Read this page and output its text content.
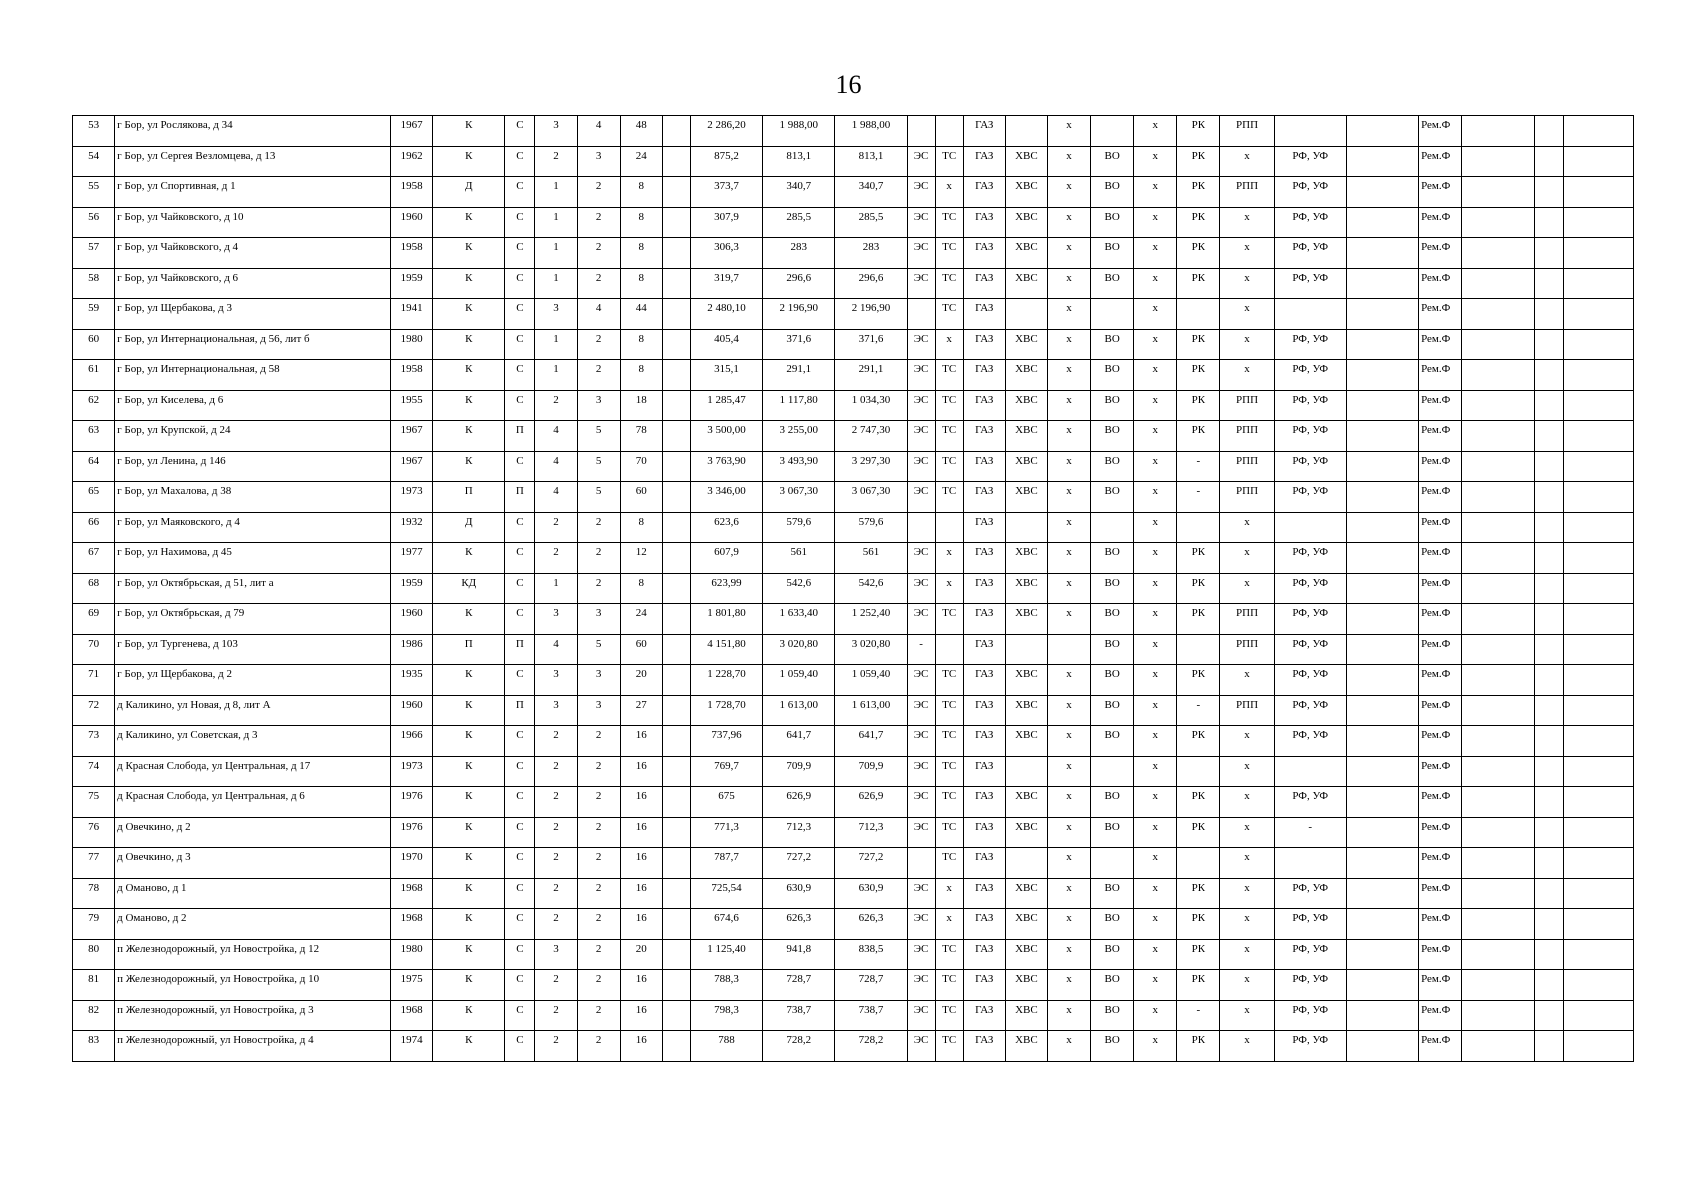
16
53	г Бор, ул Рослякова, д 34	1967	К	С	3	4	48		2 286,20	1 988,00	1 988,00			ГАЗ		х		х	РК	РПП			Рем.Ф			
54	г Бор, ул Сергея Везломцева, д 13	1962	К	С	2	3	24		875,2	813,1	813,1	ЭС	ТС	ГАЗ	ХВС	х	ВО	х	РК	х	РФ, УФ		Рем.Ф			
55	г Бор, ул Спортивная, д 1	1958	Д	С	1	2	8		373,7	340,7	340,7	ЭС	х	ГАЗ	ХВС	х	ВО	х	РК	РПП	РФ, УФ		Рем.Ф			
56	г Бор, ул Чайковского, д 10	1960	К	С	1	2	8		307,9	285,5	285,5	ЭС	ТС	ГАЗ	ХВС	х	ВО	х	РК	х	РФ, УФ		Рем.Ф			
57	г Бор, ул Чайковского, д 4	1958	К	С	1	2	8		306,3	283	283	ЭС	ТС	ГАЗ	ХВС	х	ВО	х	РК	х	РФ, УФ		Рем.Ф			
58	г Бор, ул Чайковского, д 6	1959	К	С	1	2	8		319,7	296,6	296,6	ЭС	ТС	ГАЗ	ХВС	х	ВО	х	РК	х	РФ, УФ		Рем.Ф			
59	г Бор, ул Щербакова, д 3	1941	К	С	3	4	44		2 480,10	2 196,90	2 196,90		ТС	ГАЗ		х		х		х			Рем.Ф			
60	г Бор, ул Интернациональная, д 56, лит б	1980	К	С	1	2	8		405,4	371,6	371,6	ЭС	х	ГАЗ	ХВС	х	ВО	х	РК	х	РФ, УФ		Рем.Ф			
61	г Бор, ул Интернациональная, д 58	1958	К	С	1	2	8		315,1	291,1	291,1	ЭС	ТС	ГАЗ	ХВС	х	ВО	х	РК	х	РФ, УФ		Рем.Ф			
62	г Бор, ул Киселева, д 6	1955	К	С	2	3	18		1 285,47	1 117,80	1 034,30	ЭС	ТС	ГАЗ	ХВС	х	ВО	х	РК	РПП	РФ, УФ		Рем.Ф			
63	г Бор, ул Крупской, д 24	1967	К	П	4	5	78		3 500,00	3 255,00	2 747,30	ЭС	ТС	ГАЗ	ХВС	х	ВО	х	РК	РПП	РФ, УФ		Рем.Ф			
64	г Бор, ул Ленина, д 146	1967	К	С	4	5	70		3 763,90	3 493,90	3 297,30	ЭС	ТС	ГАЗ	ХВС	х	ВО	х	-	РПП	РФ, УФ		Рем.Ф			
65	г Бор, ул Махалова, д 38	1973	П	П	4	5	60		3 346,00	3 067,30	3 067,30	ЭС	ТС	ГАЗ	ХВС	х	ВО	х	-	РПП	РФ, УФ		Рем.Ф			
66	г Бор, ул Маяковского, д 4	1932	Д	С	2	2	8		623,6	579,6	579,6			ГАЗ		х		х		х			Рем.Ф			
67	г Бор, ул Нахимова, д 45	1977	К	С	2	2	12		607,9	561	561	ЭС	х	ГАЗ	ХВС	х	ВО	х	РК	х	РФ, УФ		Рем.Ф			
68	г Бор, ул Октябрьская, д 51, лит а	1959	КД	С	1	2	8		623,99	542,6	542,6	ЭС	х	ГАЗ	ХВС	х	ВО	х	РК	х	РФ, УФ		Рем.Ф			
69	г Бор, ул Октябрьская, д 79	1960	К	С	3	3	24		1 801,80	1 633,40	1 252,40	ЭС	ТС	ГАЗ	ХВС	х	ВО	х	РК	РПП	РФ, УФ		Рем.Ф			
70	г Бор, ул Тургенева, д 103	1986	П	П	4	5	60		4 151,80	3 020,80	3 020,80	-		ГАЗ			ВО	х		РПП	РФ, УФ		Рем.Ф			
71	г Бор, ул Щербакова, д 2	1935	К	С	3	3	20		1 228,70	1 059,40	1 059,40	ЭС	ТС	ГАЗ	ХВС	х	ВО	х	РК	х	РФ, УФ		Рем.Ф			
72	д Каликино, ул Новая, д 8, лит А	1960	К	П	3	3	27		1 728,70	1 613,00	1 613,00	ЭС	ТС	ГАЗ	ХВС	х	ВО	х	-	РПП	РФ, УФ		Рем.Ф			
73	д Каликино, ул Советская, д 3	1966	К	С	2	2	16		737,96	641,7	641,7	ЭС	ТС	ГАЗ	ХВС	х	ВО	х	РК	х	РФ, УФ		Рем.Ф			
74	д Красная Слобода, ул Центральная, д 17	1973	К	С	2	2	16		769,7	709,9	709,9	ЭС	ТС	ГАЗ		х		х		х			Рем.Ф			
75	д Красная Слобода, ул Центральная, д 6	1976	К	С	2	2	16		675	626,9	626,9	ЭС	ТС	ГАЗ	ХВС	х	ВО	х	РК	х	РФ, УФ		Рем.Ф			
76	д Овечкино, д 2	1976	К	С	2	2	16		771,3	712,3	712,3	ЭС	ТС	ГАЗ	ХВС	х	ВО	х	РК	х	-		Рем.Ф			
77	д Овечкино, д 3	1970	К	С	2	2	16		787,7	727,2	727,2		ТС	ГАЗ		х		х		х			Рем.Ф			
78	д Оманово, д 1	1968	К	С	2	2	16		725,54	630,9	630,9	ЭС	х	ГАЗ	ХВС	х	ВО	х	РК	х	РФ, УФ		Рем.Ф			
79	д Оманово, д 2	1968	К	С	2	2	16		674,6	626,3	626,3	ЭС	х	ГАЗ	ХВС	х	ВО	х	РК	х	РФ, УФ		Рем.Ф			
80	п Железнодорожный, ул Новостройка, д 12	1980	К	С	3	2	20		1 125,40	941,8	838,5	ЭС	ТС	ГАЗ	ХВС	х	ВО	х	РК	х	РФ, УФ		Рем.Ф			
81	п Железнодорожный, ул Новостройка, д 10	1975	К	С	2	2	16		788,3	728,7	728,7	ЭС	ТС	ГАЗ	ХВС	х	ВО	х	РК	х	РФ, УФ		Рем.Ф			
82	п Железнодорожный, ул Новостройка, д 3	1968	К	С	2	2	16		798,3	738,7	738,7	ЭС	ТС	ГАЗ	ХВС	х	ВО	х	-	х	РФ, УФ		Рем.Ф			
83	п Железнодорожный, ул Новостройка, д 4	1974	К	С	2	2	16		788	728,2	728,2	ЭС	ТС	ГАЗ	ХВС	х	ВО	х	РК	х	РФ, УФ		Рем.Ф			
